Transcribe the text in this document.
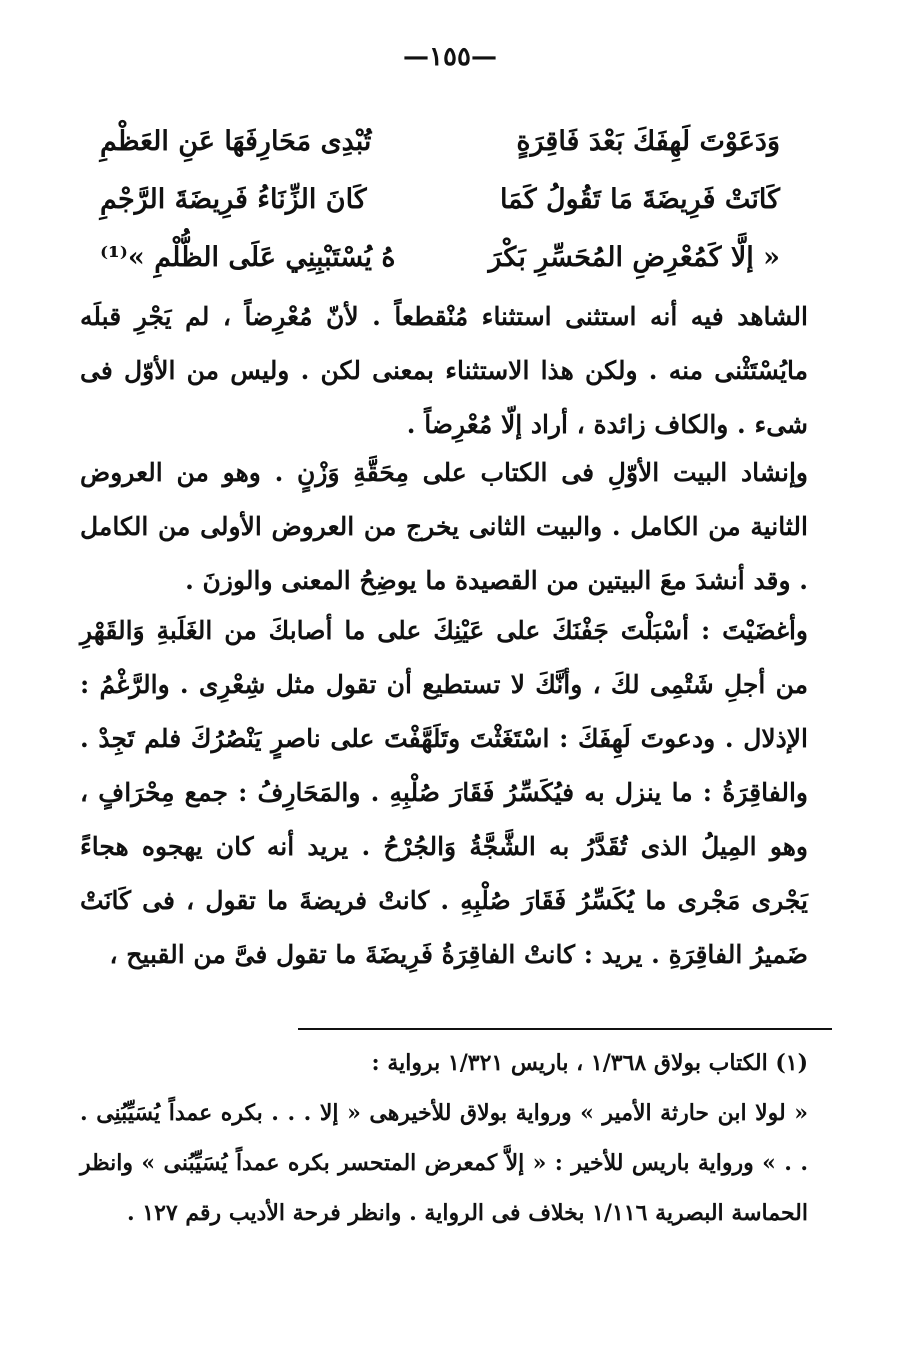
—١٥٥—
وَدَعَوْتَ لَهِفَكَ بَعْدَ فَاقِرَةٍ
تُبْدِى مَحَارِفَهَا عَنِ العَظْمِ
كَانَتْ فَرِيضَةَ مَا تَقُولُ كَمَا
كَانَ الزِّنَاءُ فَرِيضَةَ الرَّجْمِ
« إلَّا كَمُعْرِضِ المُحَسِّرِ بَكْرَ
هُ يُسْتَبْبِنِي عَلَى الظُّلْمِ »⁽¹⁾

الشاهد فيه أنه استثنى استثناء مُنْقطعاً . لأنّ مُعْرِضاً ، لم يَجْرِ قبلَه مايُسْتَثْنى منه . ولكن هذا الاستثناء بمعنى لكن . وليس من الأوّل فى شىء . والكاف زائدة ، أراد إلّا مُعْرِضاً .

وإنشاد البيت الأوّلِ فى الكتاب على مِحَقَّةِ وَزْنٍ . وهو من العروض الثانية من الكامل . والبيت الثانى يخرج من العروض الأولى من الكامل . وقد أنشدَ معَ البيتين من القصيدة ما يوضِحُ المعنى والوزنَ .

وأغضَيْتَ : أسْبَلْتَ جَفْنَكَ على عَيْنِكَ على ما أصابكَ من الغَلَبةِ وَالقَهْرِ من أجلِ شَتْمِى لكَ ، وأنَّكَ لا تستطيع أن تقول مثل شِعْرِى . والرَّغْمُ : الإذلال . ودعوتَ لَهِفَكَ : اسْتَغَثْتَ وتَلَهَّفْتَ على ناصرٍ يَنْصُرُكَ فلم تَجِدْ . والفاقِرَةُ : ما ينزل به فيُكَسِّرُ فَقَارَ صُلْبِهِ . والمَحَارِفُ : جمع مِحْرَافٍ ، وهو المِيلُ الذى تُقَدَّرُ به الشَّجَّةُ وَالجُرْحُ . يريد أنه كان يهجوه هجاءً يَجْرى مَجْرى ما يُكَسِّرُ فَقَارَ صُلْبِهِ . كانتْ فريضةَ ما تقول ، فى كَانَتْ ضَميرُ الفاقِرَةِ . يريد : كانتْ الفاقِرَةُ فَرِيضَةَ ما تقول فىَّ من القبيح ،

(١) الكتاب بولاق ١/٣٦٨ ، باريس ١/٣٢١ برواية :

« لولا ابن حارثة الأمير » ورواية بولاق للأخيرهى « إلا . . . بكره عمداً يُسَيِّبُنِى . . . » ورواية باريس للأخير : « إلاَّ كمعرض المتحسر بكره عمداً يُسَيِّبُنى » وانظر الحماسة البصرية ١/١١٦ بخلاف فى الرواية . وانظر فرحة الأديب رقم ١٢٧ .
